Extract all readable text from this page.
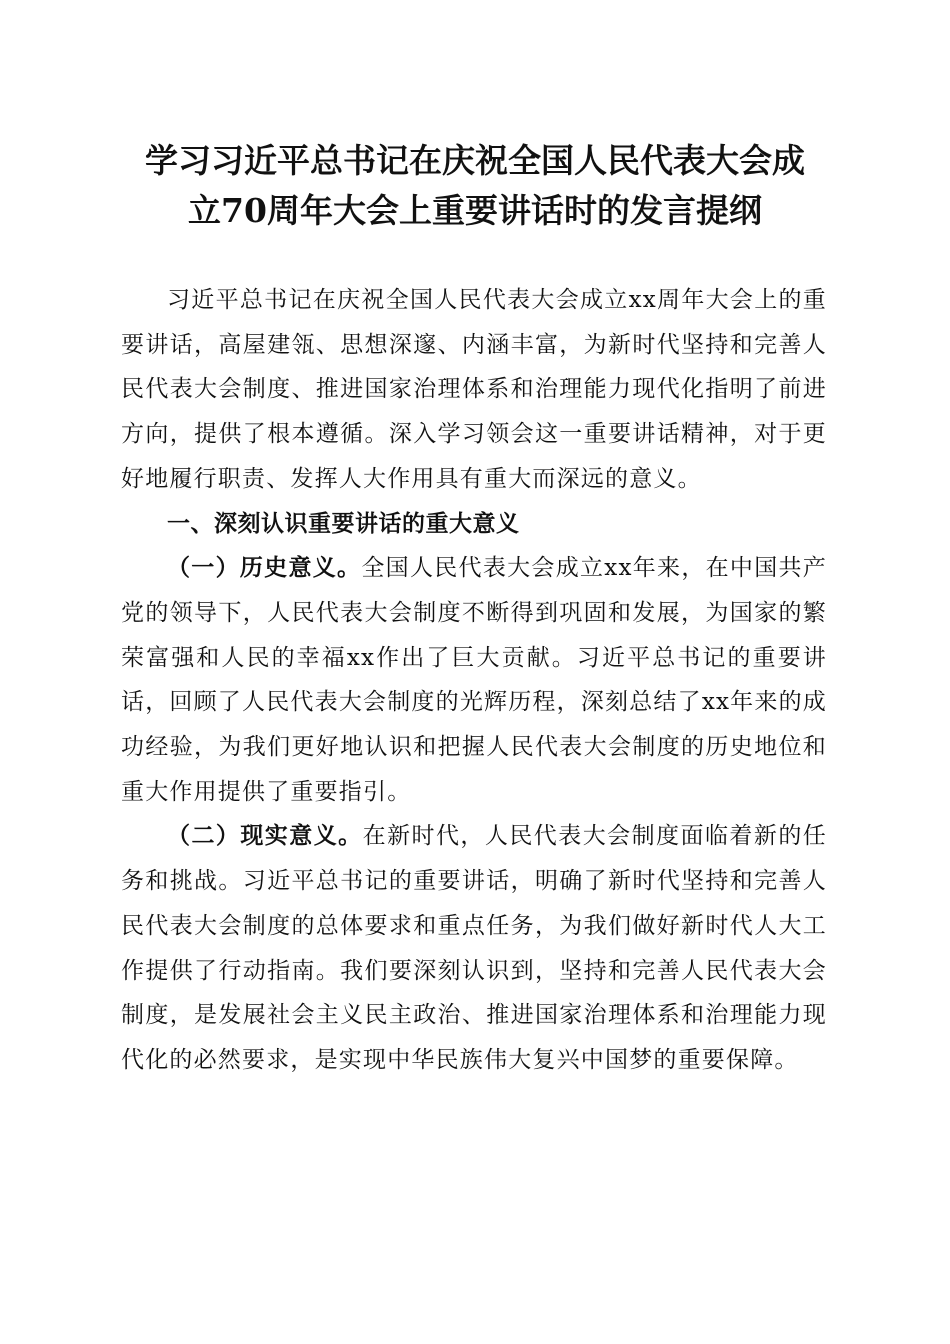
学习习近平总书记在庆祝全国人民代表大会成
立70周年大会上重要讲话时的发言提纲

习近平总书记在庆祝全国人民代表大会成立xx周年大会上的重要讲话，高屋建瓴、思想深邃、内涵丰富，为新时代坚持和完善人民代表大会制度、推进国家治理体系和治理能力现代化指明了前进方向，提供了根本遵循。深入学习领会这一重要讲话精神，对于更好地履行职责、发挥人大作用具有重大而深远的意义。

一、深刻认识重要讲话的重大意义

（一）历史意义。全国人民代表大会成立xx年来，在中国共产党的领导下，人民代表大会制度不断得到巩固和发展，为国家的繁荣富强和人民的幸福xx作出了巨大贡献。习近平总书记的重要讲话，回顾了人民代表大会制度的光辉历程，深刻总结了xx年来的成功经验，为我们更好地认识和把握人民代表大会制度的历史地位和重大作用提供了重要指引。

（二）现实意义。在新时代，人民代表大会制度面临着新的任务和挑战。习近平总书记的重要讲话，明确了新时代坚持和完善人民代表大会制度的总体要求和重点任务，为我们做好新时代人大工作提供了行动指南。我们要深刻认识到，坚持和完善人民代表大会制度，是发展社会主义民主政治、推进国家治理体系和治理能力现代化的必然要求，是实现中华民族伟大复兴中国梦的重要保障。
